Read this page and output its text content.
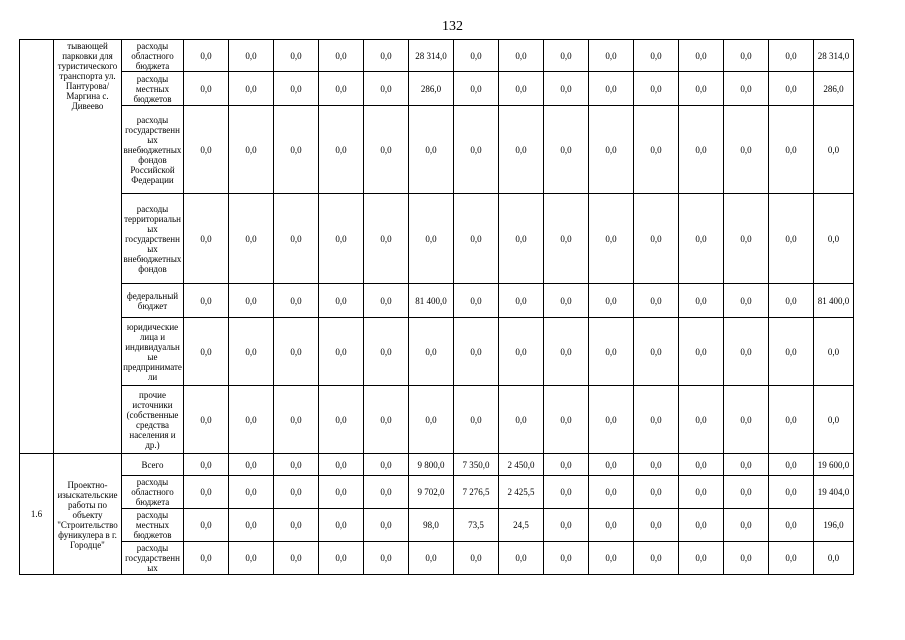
132
	тывающей парковки для туристического транспорта ул. Пантурова/Маргина с. Дивеево	расходы областного бюджета	0,0	0,0	0,0	0,0	0,0	28 314,0	0,0	0,0	0,0	0,0	0,0	0,0	0,0	0,0	28 314,0
		расходы местных бюджетов	0,0	0,0	0,0	0,0	0,0	286,0	0,0	0,0	0,0	0,0	0,0	0,0	0,0	0,0	286,0
		расходы государственных внебюджетных фондов Российской Федерации	0,0	0,0	0,0	0,0	0,0	0,0	0,0	0,0	0,0	0,0	0,0	0,0	0,0	0,0	0,0
		расходы территориальных государственных внебюджетных фондов	0,0	0,0	0,0	0,0	0,0	0,0	0,0	0,0	0,0	0,0	0,0	0,0	0,0	0,0	0,0
		федеральный бюджет	0,0	0,0	0,0	0,0	0,0	81 400,0	0,0	0,0	0,0	0,0	0,0	0,0	0,0	0,0	81 400,0
		юридические лица и индивидуальные предприниматели	0,0	0,0	0,0	0,0	0,0	0,0	0,0	0,0	0,0	0,0	0,0	0,0	0,0	0,0	0,0
		прочие источники (собственные средства населения и др.)	0,0	0,0	0,0	0,0	0,0	0,0	0,0	0,0	0,0	0,0	0,0	0,0	0,0	0,0	0,0
1.6	Проектно-изыскательские работы по объекту "Строительство фуникулера в г. Городце"	Всего	0,0	0,0	0,0	0,0	0,0	9 800,0	7 350,0	2 450,0	0,0	0,0	0,0	0,0	0,0	0,0	19 600,0
		расходы областного бюджета	0,0	0,0	0,0	0,0	0,0	9 702,0	7 276,5	2 425,5	0,0	0,0	0,0	0,0	0,0	0,0	19 404,0
		расходы местных бюджетов	0,0	0,0	0,0	0,0	0,0	98,0	73,5	24,5	0,0	0,0	0,0	0,0	0,0	0,0	196,0
		расходы государственных	0,0	0,0	0,0	0,0	0,0	0,0	0,0	0,0	0,0	0,0	0,0	0,0	0,0	0,0	0,0
